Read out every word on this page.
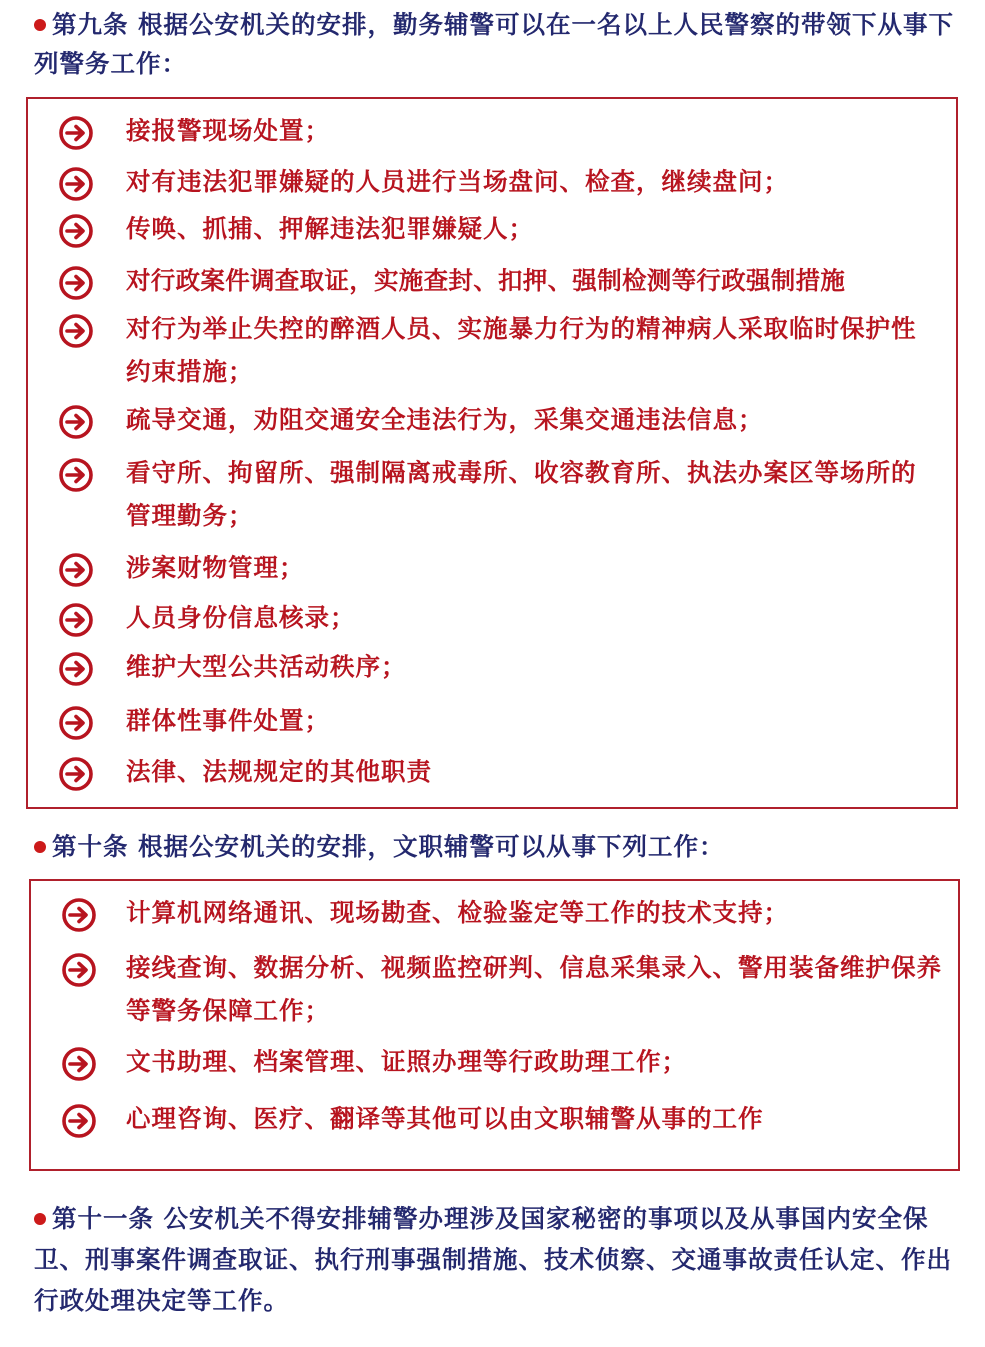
第九条 根据公安机关的安排，勤务辅警可以在一名以上人民警察的带领下从事下列警务工作：
接报警现场处置；
对有违法犯罪嫌疑的人员进行当场盘问、检查，继续盘问；
传唤、抓捕、押解违法犯罪嫌疑人；
对行政案件调查取证，实施查封、扣押、强制检测等行政强制措施
对行为举止失控的醉酒人员、实施暴力行为的精神病人采取临时保护性约束措施；
疏导交通，劝阻交通安全违法行为，采集交通违法信息；
看守所、拘留所、强制隔离戒毒所、收容教育所、执法办案区等场所的管理勤务；
涉案财物管理；
人员身份信息核录；
维护大型公共活动秩序；
群体性事件处置；
法律、法规规定的其他职责
第十条 根据公安机关的安排，文职辅警可以从事下列工作：
计算机网络通讯、现场勘查、检验鉴定等工作的技术支持；
接线查询、数据分析、视频监控研判、信息采集录入、警用装备维护保养等警务保障工作；
文书助理、档案管理、证照办理等行政助理工作；
心理咨询、医疗、翻译等其他可以由文职辅警从事的工作
第十一条 公安机关不得安排辅警办理涉及国家秘密的事项以及从事国内安全保卫、刑事案件调查取证、执行刑事强制措施、技术侦察、交通事故责任认定、作出行政处理决定等工作。
